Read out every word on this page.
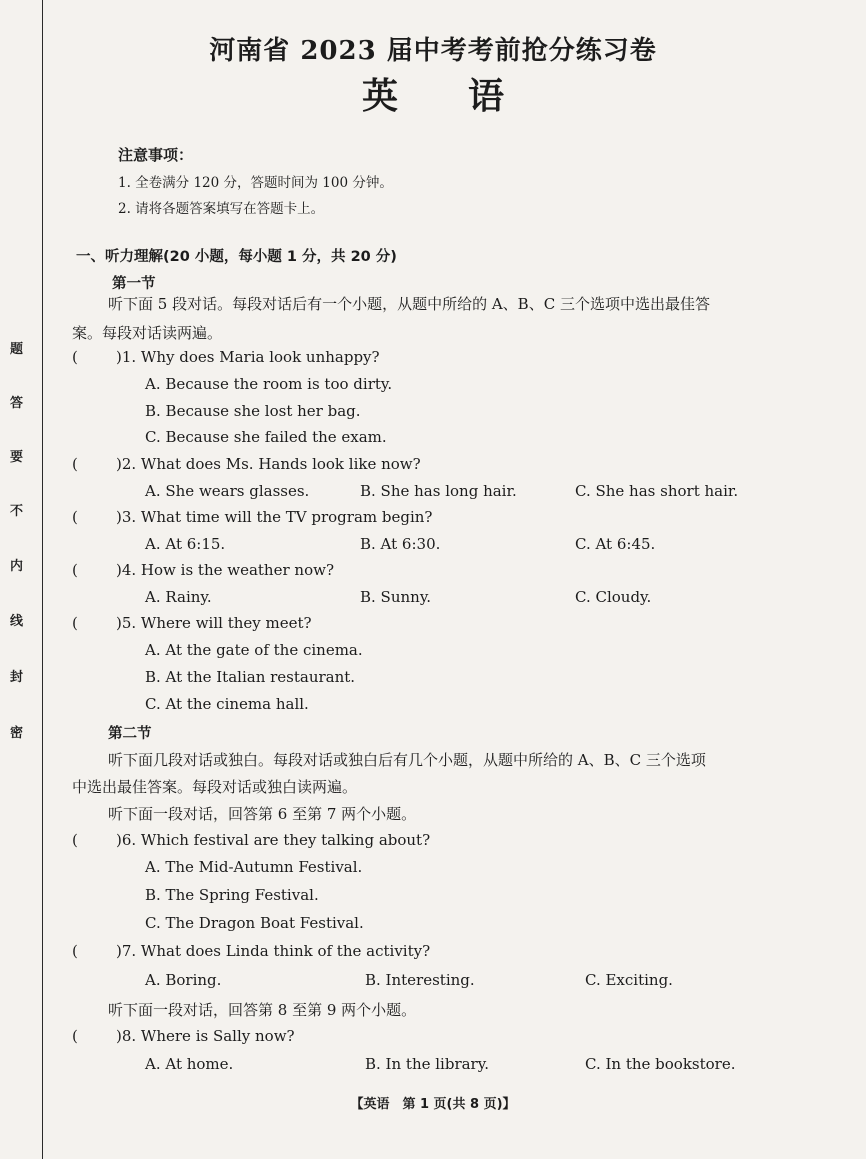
题
答
要
不
内
线
封
密
河南省 2023 届中考考前抢分练习卷
英 语
注意事项：
1. 全卷满分 120 分，答题时间为 100 分钟。
2. 请将各题答案填写在答题卡上。
一、听力理解(20 小题，每小题 1 分，共 20 分)
第一节
听下面 5 段对话。每段对话后有一个小题，从题中所给的 A、B、C 三个选项中选出最佳答
案。每段对话读两遍。
(	)1. Why does Maria look unhappy?
A. Because the room is too dirty.
B. Because she lost her bag.
C. Because she failed the exam.
(	)2. What does Ms. Hands look like now?
A. She wears glasses.	B. She has long hair.	C. She has short hair.
(	)3. What time will the TV program begin?
A. At 6:15.	B. At 6:30.	C. At 6:45.
(	)4. How is the weather now?
A. Rainy.	B. Sunny.	C. Cloudy.
(	)5. Where will they meet?
A. At the gate of the cinema.
B. At the Italian restaurant.
C. At the cinema hall.
第二节
听下面几段对话或独白。每段对话或独白后有几个小题，从题中所给的 A、B、C 三个选项
中选出最佳答案。每段对话或独白读两遍。
听下面一段对话，回答第 6 至第 7 两个小题。
(	)6. Which festival are they talking about?
A. The Mid-Autumn Festival.
B. The Spring Festival.
C. The Dragon Boat Festival.
(	)7. What does Linda think of the activity?
A. Boring.	B. Interesting.	C. Exciting.
听下面一段对话，回答第 8 至第 9 两个小题。
(	)8. Where is Sally now?
A. At home.	B. In the library.	C. In the bookstore.
【英语　第 1 页(共 8 页)】
